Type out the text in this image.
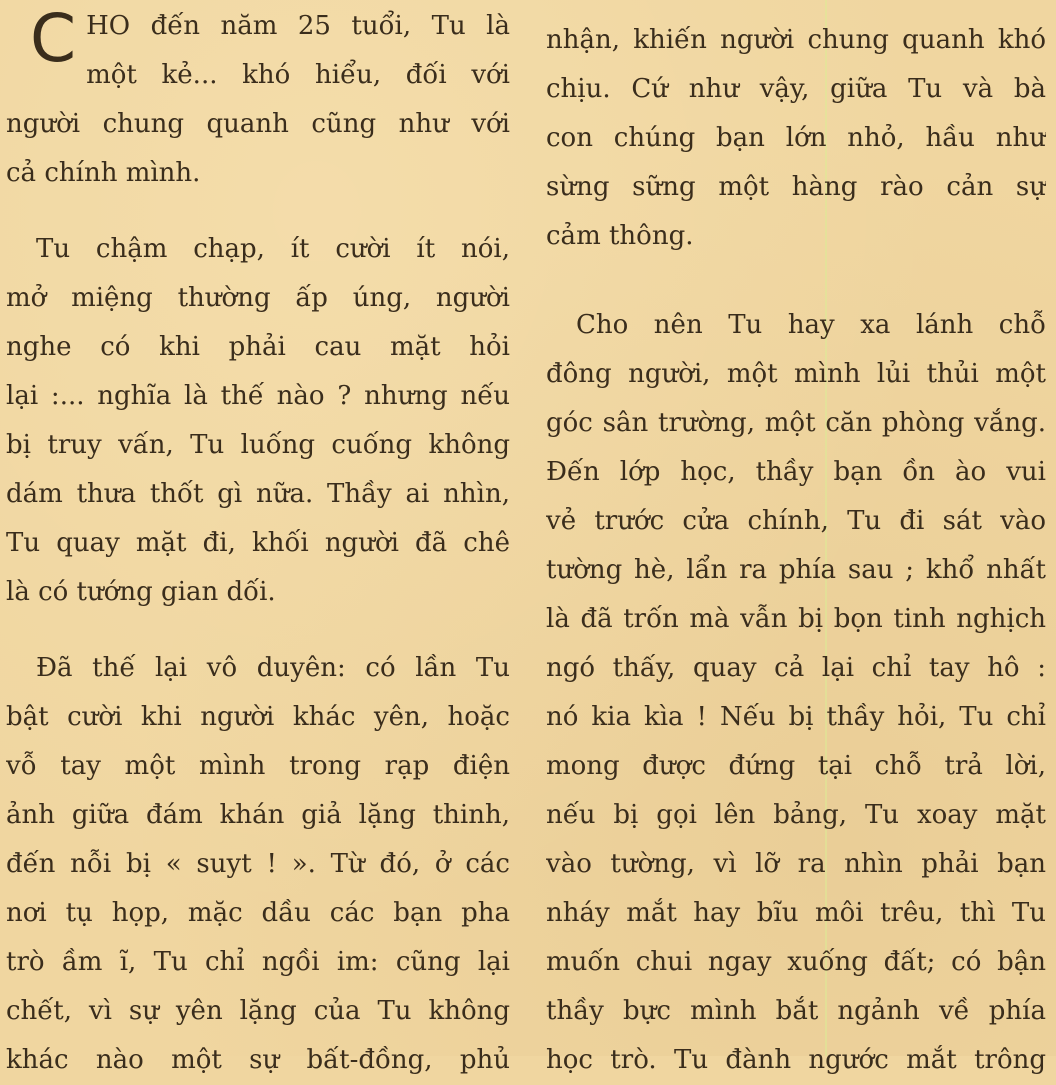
C HO đến năm 25 tuổi, Tu là
một kẻ... khó hiểu, đối với
người chung quanh cũng như với
cả chính mình.
Tu chậm chạp, ít cười ít nói,
mở miệng thường ấp úng, người
nghe có khi phải cau mặt hỏi
lại :... nghĩa là thế nào ? nhưng nếu
bị truy vấn, Tu luống cuống không
dám thưa thốt gì nữa. Thầy ai nhìn,
Tu quay mặt đi, khối người đã chê
là có tướng gian dối.
Đã thế lại vô duyên: có lần Tu
bật cười khi người khác yên, hoặc
vỗ tay một mình trong rạp điện
ảnh giữa đám khán giả lặng thinh,
đến nỗi bị « suyt ! ». Từ đó, ở các
nơi tụ họp, mặc dầu các bạn pha
trò ầm ĩ, Tu chỉ ngồi im: cũng lại
chết, vì sự yên lặng của Tu không
khác nào một sự bất-đồng, phủ
nhận, khiến người chung quanh khó
chịu. Cứ như vậy, giữa Tu và bà
con chúng bạn lớn nhỏ, hầu như
sừng sững một hàng rào cản sự
cảm thông.
Cho nên Tu hay xa lánh chỗ
đông người, một mình lủi thủi một
góc sân trường, một căn phòng vắng.
Đến lớp học, thầy bạn ồn ào vui
vẻ trước cửa chính, Tu đi sát vào
tường hè, lẩn ra phía sau ; khổ nhất
là đã trốn mà vẫn bị bọn tinh nghịch
ngó thấy, quay cả lại chỉ tay hô :
nó kia kìa ! Nếu bị thầy hỏi, Tu chỉ
mong được đứng tại chỗ trả lời,
nếu bị gọi lên bảng, Tu xoay mặt
vào tường, vì lỡ ra nhìn phải bạn
nháy mắt hay bĩu môi trêu, thì Tu
muốn chui ngay xuống đất; có bận
thầy bực mình bắt ngảnh về phía
học trò. Tu đành ngước mắt trông
